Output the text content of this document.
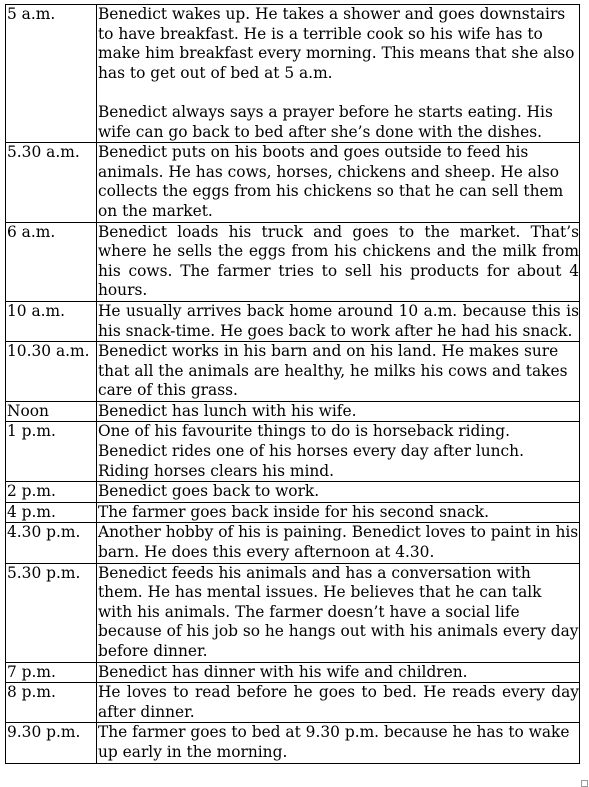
5 a.m.	Benedict wakes up. He takes a shower and goes downstairs to have breakfast. He is a terrible cook so his wife has to make him breakfast every morning. This means that she also has to get out of bed at 5 a.m.
Benedict always says a prayer before he starts eating. His wife can go back to bed after she’s done with the dishes.

5.30 a.m.	Benedict puts on his boots and goes outside to feed his animals. He has cows, horses, chickens and sheep. He also collects the eggs from his chickens so that he can sell them on the market.

6 a.m.	Benedict loads his truck and goes to the market. That’s where he sells the eggs from his chickens and the milk from his cows. The farmer tries to sell his products for about 4 hours.

10 a.m.	He usually arrives back home around 10 a.m. because this is his snack-time. He goes back to work after he had his snack.

10.30 a.m.	Benedict works in his barn and on his land. He makes sure that all the animals are healthy, he milks his cows and takes care of this grass.

Noon	Benedict has lunch with his wife.

1 p.m.	One of his favourite things to do is horseback riding. Benedict rides one of his horses every day after lunch. Riding horses clears his mind.

2 p.m.	Benedict goes back to work.

4 p.m.	The farmer goes back inside for his second snack.

4.30 p.m.	Another hobby of his is paining. Benedict loves to paint in his barn. He does this every afternoon at 4.30.

5.30 p.m.	Benedict feeds his animals and has a conversation with them. He has mental issues. He believes that he can talk with his animals. The farmer doesn’t have a social life because of his job so he hangs out with his animals every day before dinner.

7 p.m.	Benedict has dinner with his wife and children.

8 p.m.	He loves to read before he goes to bed. He reads every day after dinner.

9.30 p.m.	The farmer goes to bed at 9.30 p.m. because he has to wake up early in the morning.
